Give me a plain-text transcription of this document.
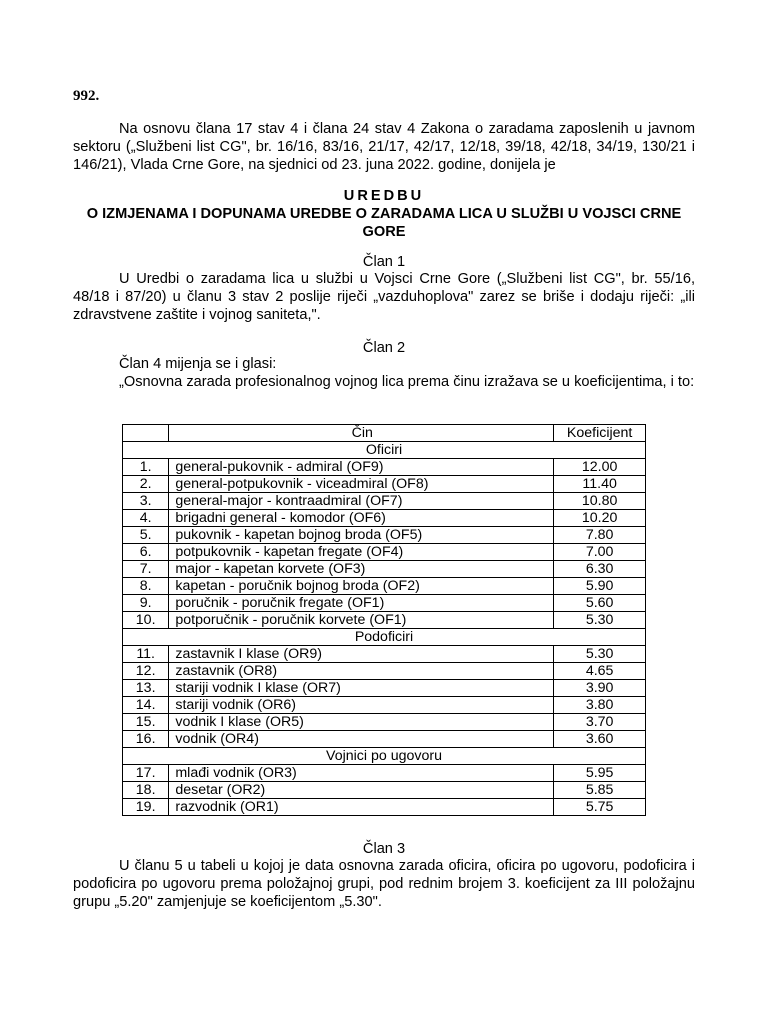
992.
Na osnovu člana 17 stav 4 i člana 24 stav 4 Zakona o zaradama zaposlenih u javnom sektoru („Službeni list CG", br. 16/16, 83/16, 21/17, 42/17, 12/18, 39/18, 42/18, 34/19, 130/21 i 146/21), Vlada Crne Gore, na sjednici od 23. juna 2022. godine, donijela je
UREDBU
O IZMJENAMA I DOPUNAMA UREDBE O ZARADAMA LICA U SLUŽBI U VOJSCI CRNE GORE
Član 1
U Uredbi o zaradama lica u službi u Vojsci Crne Gore („Službeni list CG", br. 55/16, 48/18 i 87/20) u članu 3 stav 2 poslije riječi „vazduhoplova" zarez se briše i dodaju riječi: „ili zdravstvene zaštite i vojnog saniteta,".
Član 2
Član 4 mijenja se i glasi:
„Osnovna zarada profesionalnog vojnog lica prema činu izražava se u koeficijentima, i to:
	Čin	Koeficijent
Oficiri		
1.	general-pukovnik - admiral (OF9)	12.00
2.	general-potpukovnik - viceadmiral (OF8)	11.40
3.	general-major - kontraadmiral (OF7)	10.80
4.	brigadni general - komodor (OF6)	10.20
5.	pukovnik - kapetan bojnog broda (OF5)	7.80
6.	potpukovnik - kapetan fregate (OF4)	7.00
7.	major - kapetan korvete (OF3)	6.30
8.	kapetan - poručnik bojnog broda (OF2)	5.90
9.	poručnik - poručnik fregate (OF1)	5.60
10.	potporučnik - poručnik korvete (OF1)	5.30
Podoficiri		
11.	zastavnik I klase (OR9)	5.30
12.	zastavnik (OR8)	4.65
13.	stariji vodnik I klase (OR7)	3.90
14.	stariji vodnik (OR6)	3.80
15.	vodnik I klase (OR5)	3.70
16.	vodnik (OR4)	3.60
Vojnici po ugovoru		
17.	mlađi vodnik (OR3)	5.95
18.	desetar (OR2)	5.85
19.	razvodnik (OR1)	5.75
Član 3
U članu 5 u tabeli u kojoj je data osnovna zarada oficira, oficira po ugovoru, podoficira i podoficira po ugovoru prema položajnoj grupi, pod rednim brojem 3. koeficijent za III položajnu grupu „5.20" zamjenjuje se koeficijentom „5.30".
